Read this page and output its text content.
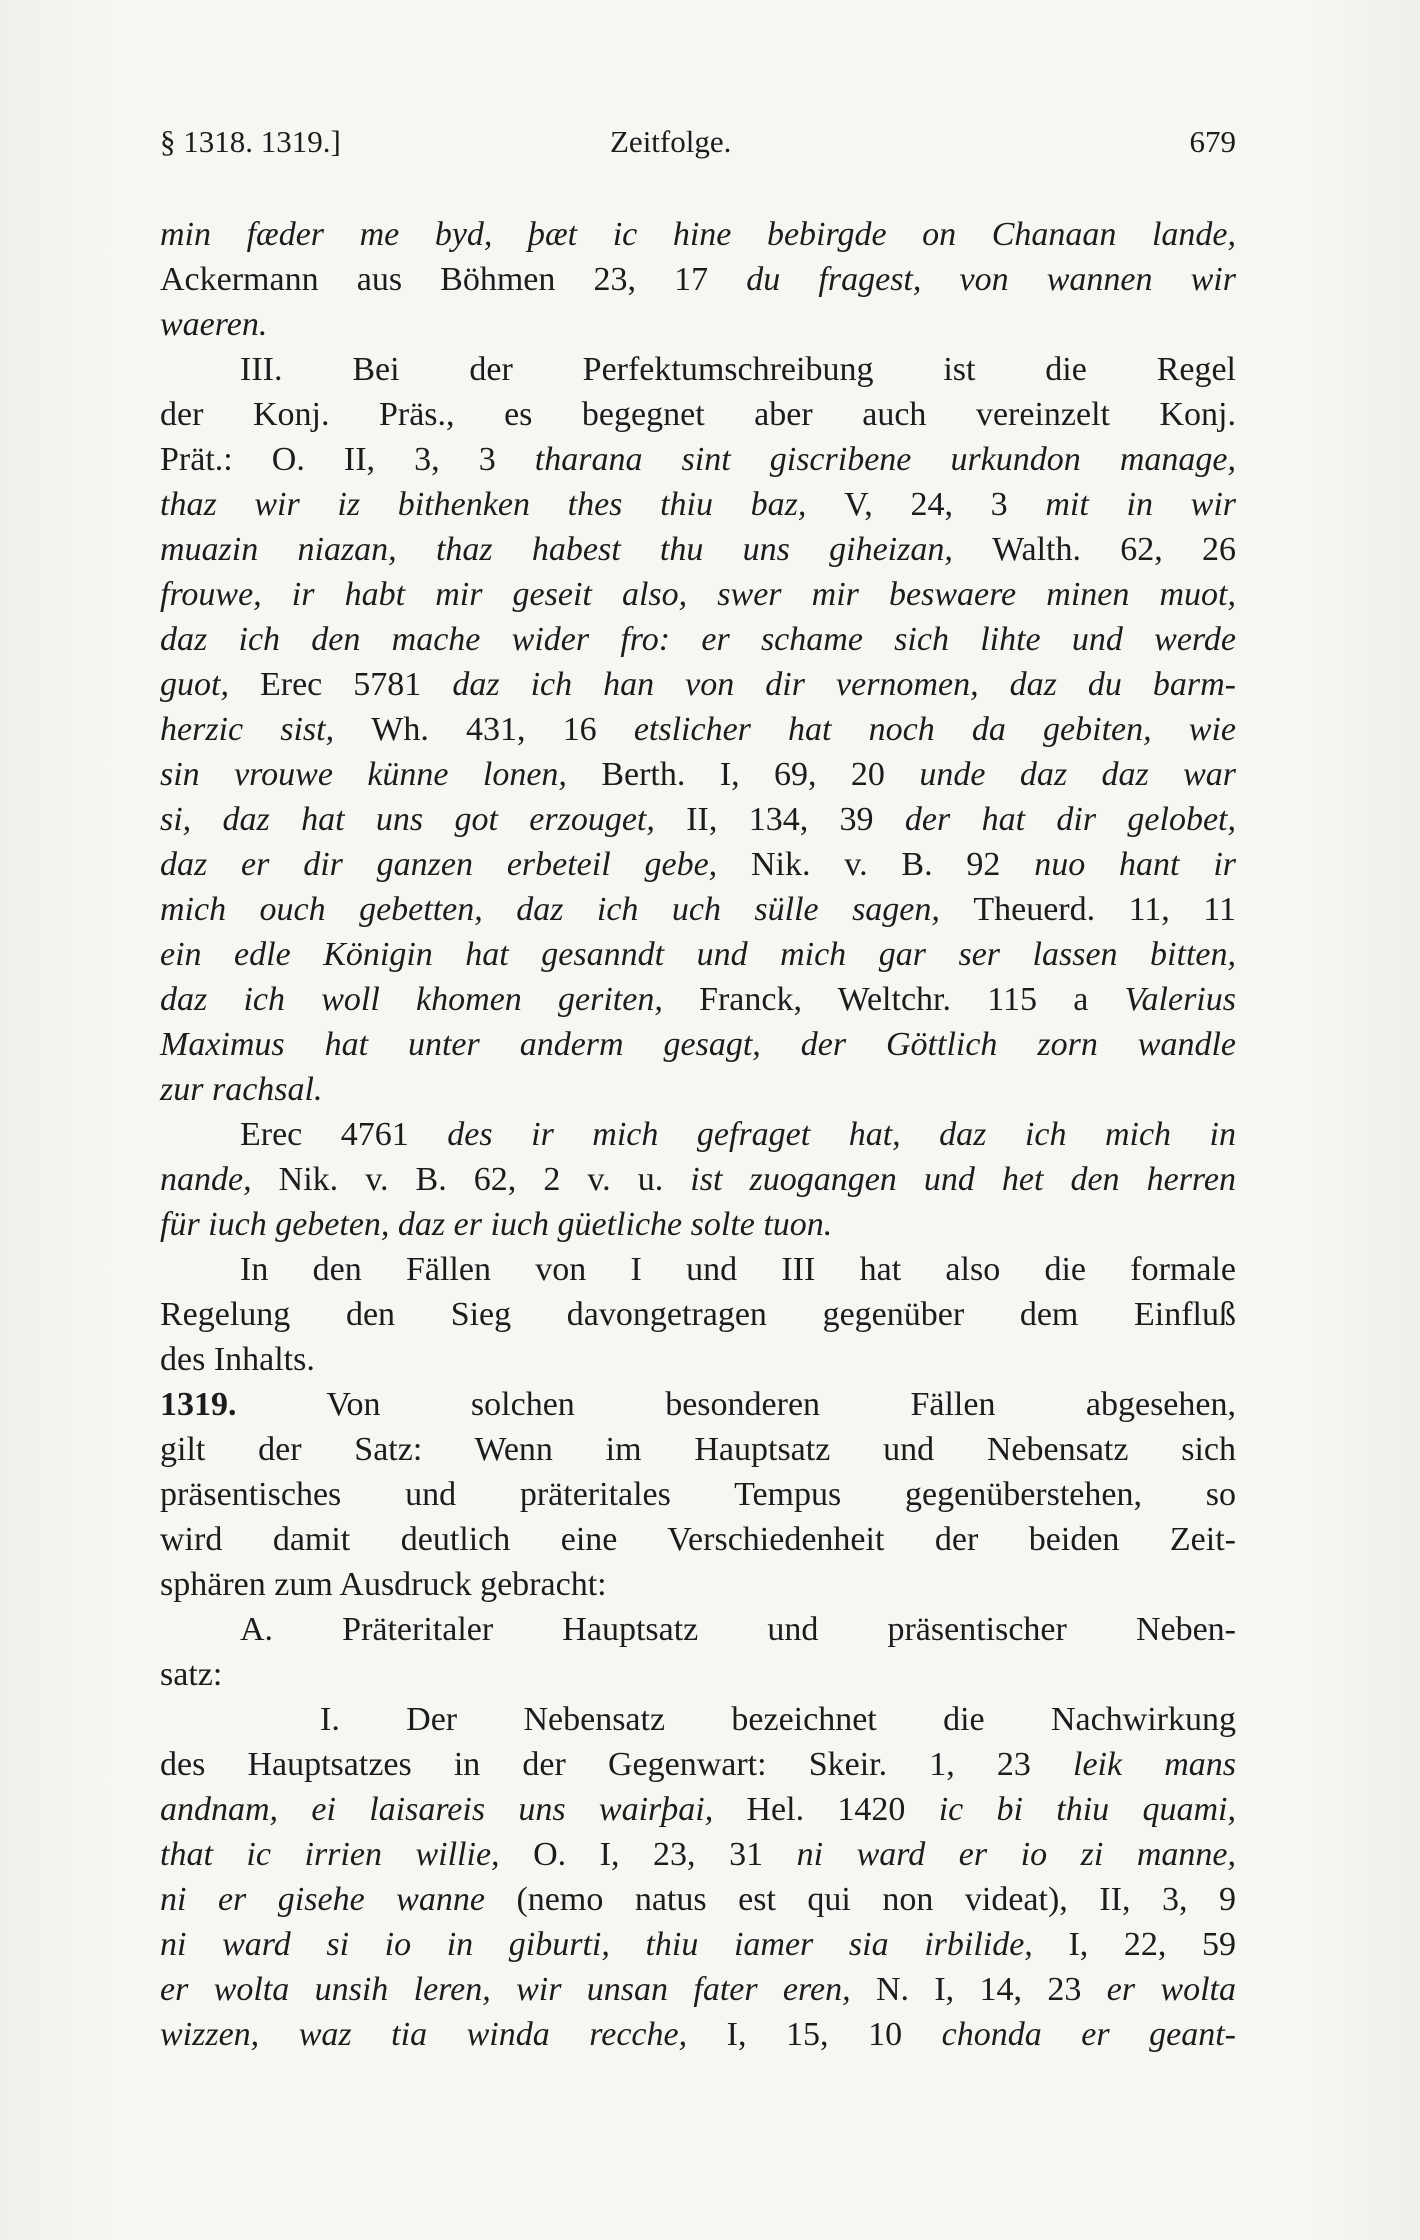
§ 1318. 1319.]	Zeitfolge.	679
min fæder me byd, þæt ic hine bebirgde on Chanaan lande,
Ackermann aus Böhmen 23, 17 du fragest, von wannen wir
waeren.
III. Bei der Perfektumschreibung ist die Regel
der Konj. Präs., es begegnet aber auch vereinzelt Konj.
Prät.: O. II, 3, 3 tharana sint giscribene urkundon manage,
thaz wir iz bithenken thes thiu baz, V, 24, 3 mit in wir
muazin niazan, thaz habest thu uns giheizan, Walth. 62, 26
frouwe, ir habt mir geseit also, swer mir beswaere minen muot,
daz ich den mache wider fro: er schame sich lihte und werde
guot, Erec 5781 daz ich han von dir vernomen, daz du barm-
herzic sist, Wh. 431, 16 etslicher hat noch da gebiten, wie
sin vrouwe künne lonen, Berth. I, 69, 20 unde daz daz war
si, daz hat uns got erzouget, II, 134, 39 der hat dir gelobet,
daz er dir ganzen erbeteil gebe, Nik. v. B. 92 nuo hant ir
mich ouch gebetten, daz ich uch sülle sagen, Theuerd. 11, 11
ein edle Königin hat gesanndt und mich gar ser lassen bitten,
daz ich woll khomen geriten, Franck, Weltchr. 115 a Valerius
Maximus hat unter anderm gesagt, der Göttlich zorn wandle
zur rachsal.
Erec 4761 des ir mich gefraget hat, daz ich mich in
nande, Nik. v. B. 62, 2 v. u. ist zuogangen und het den herren
für iuch gebeten, daz er iuch güetliche solte tuon.
In den Fällen von I und III hat also die formale
Regelung den Sieg davongetragen gegenüber dem Einfluß
des Inhalts.
1319. Von solchen besonderen Fällen abgesehen,
gilt der Satz: Wenn im Hauptsatz und Nebensatz sich
präsentisches und präteritales Tempus gegenüberstehen, so
wird damit deutlich eine Verschiedenheit der beiden Zeit-
sphären zum Ausdruck gebracht:
A. Präteritaler Hauptsatz und präsentischer Neben-
satz:
I. Der Nebensatz bezeichnet die Nachwirkung
des Hauptsatzes in der Gegenwart: Skeir. 1, 23 leik mans
andnam, ei laisareis uns wairþai, Hel. 1420 ic bi thiu quami,
that ic irrien willie, O. I, 23, 31 ni ward er io zi manne,
ni er gisehe wanne (nemo natus est qui non videat), II, 3, 9
ni ward si io in giburti, thiu iamer sia irbilide, I, 22, 59
er wolta unsih leren, wir unsan fater eren, N. I, 14, 23 er wolta
wizzen, waz tia winda recche, I, 15, 10 chonda er geant-
